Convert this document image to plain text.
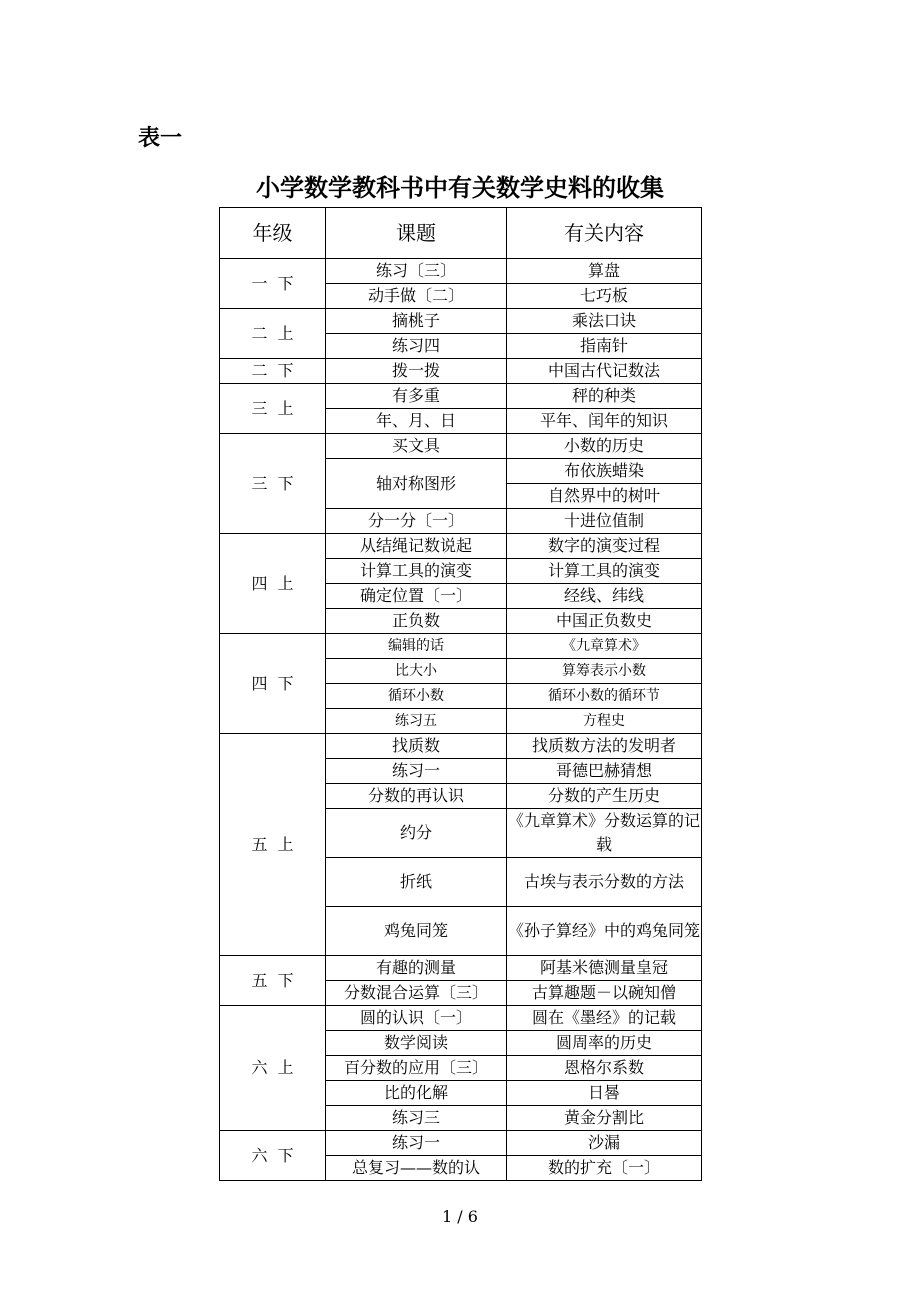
表一
小学数学教科书中有关数学史料的收集
年级	课题	有关内容
一下	练习〔三〕	算盘
	动手做〔二〕	七巧板
二上	摘桃子	乘法口诀
	练习四	指南针
二下	拨一拨	中国古代记数法
三上	有多重	秤的种类
	年、月、日	平年、闰年的知识
三下	买文具	小数的历史
	轴对称图形	布依族蜡染
		自然界中的树叶
	分一分〔一〕	十进位值制
四上	从结绳记数说起	数字的演变过程
	计算工具的演变	计算工具的演变
	确定位置〔一〕	经线、纬线
	正负数	中国正负数史
四下	编辑的话	《九章算术》
	比大小	算筹表示小数
	循环小数	循环小数的循环节
	练习五	方程史
五上	找质数	找质数方法的发明者
	练习一	哥德巴赫猜想
	分数的再认识	分数的产生历史
	约分	《九章算术》分数运算的记载
	折纸	古埃与表示分数的方法
	鸡兔同笼	《孙子算经》中的鸡兔同笼
五下	有趣的测量	阿基米德测量皇冠
	分数混合运算〔三〕	古算趣题－以碗知僧
六上	圆的认识〔一〕	圆在《墨经》的记载
	数学阅读	圆周率的历史
	百分数的应用〔三〕	恩格尔系数
	比的化解	日晷
	练习三	黄金分割比
六下	练习一	沙漏
	总复习——数的认	数的扩充〔一〕
1 / 6
